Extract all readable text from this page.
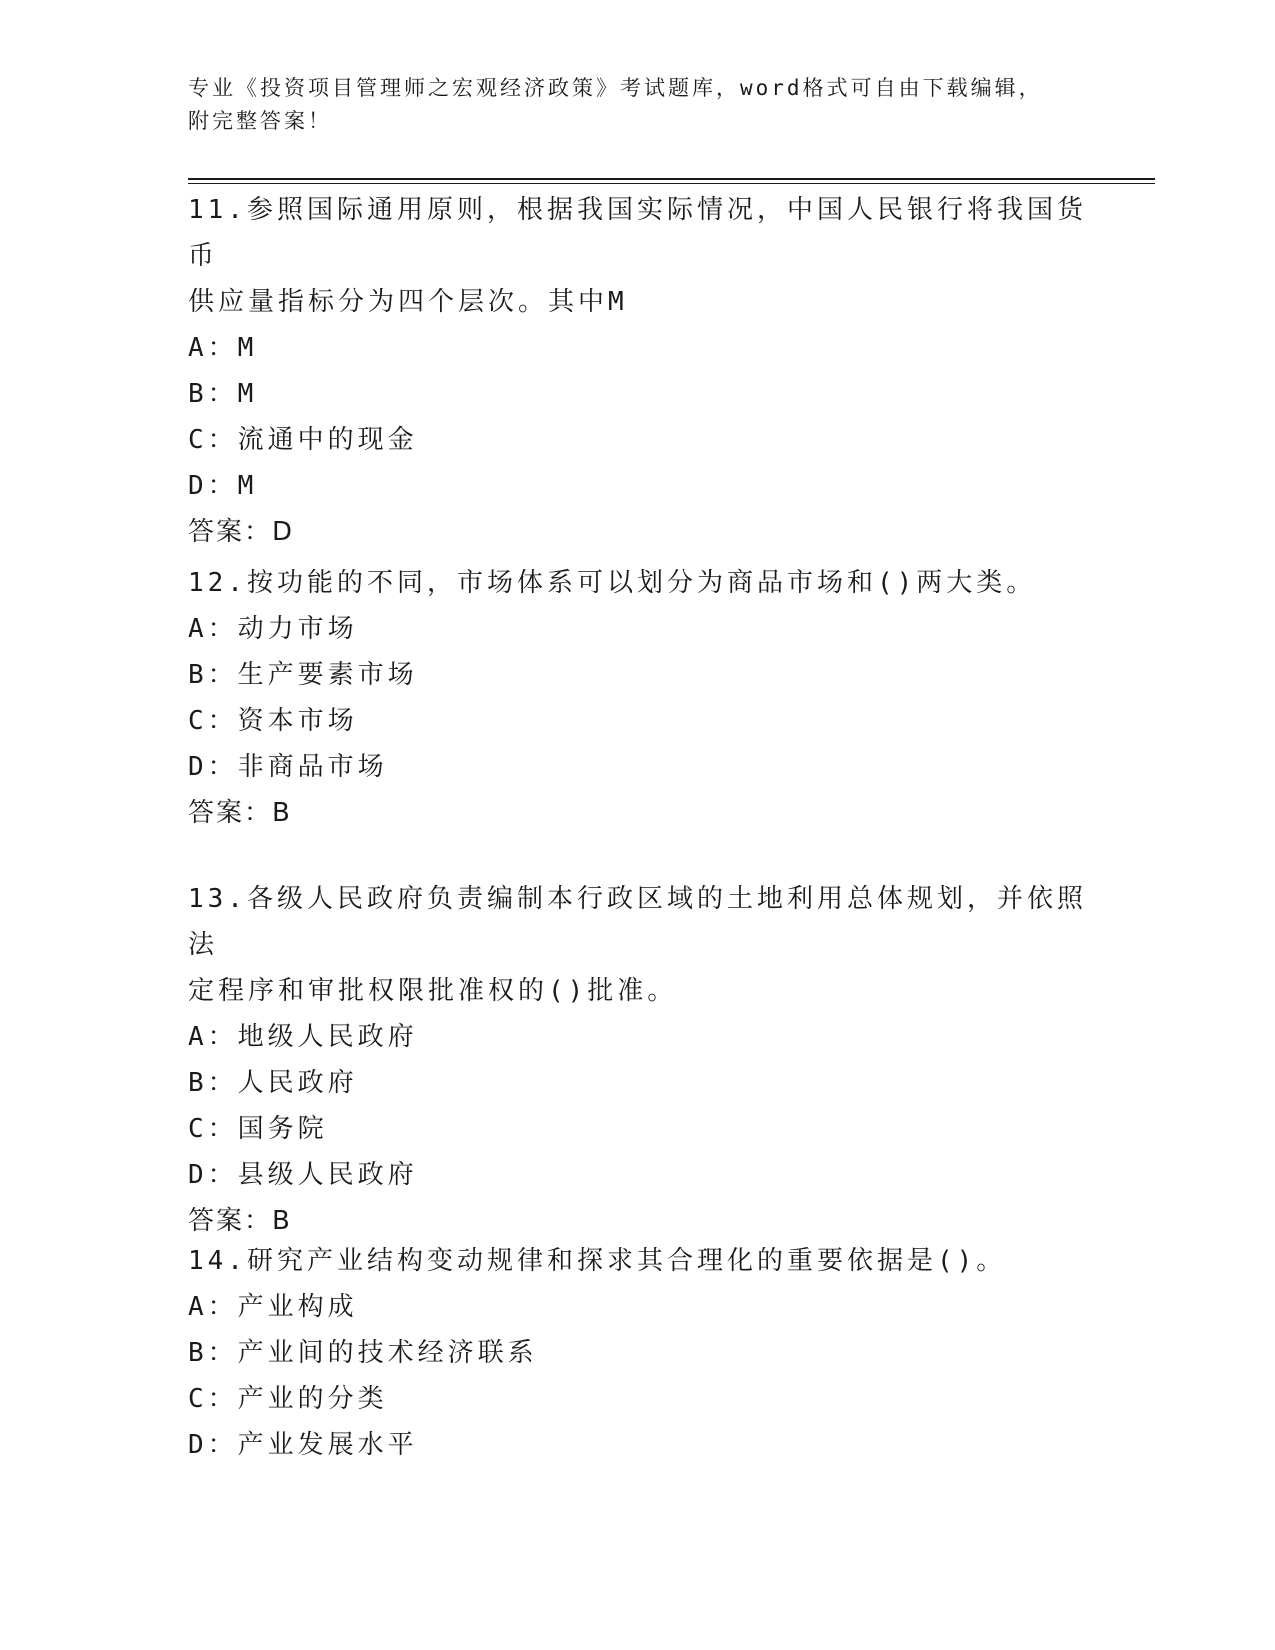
专业《投资项目管理师之宏观经济政策》考试题库，word格式可自由下载编辑，
附完整答案！
11.参照国际通用原则，根据我国实际情况，中国人民银行将我国货币
供应量指标分为四个层次。其中M
A：M
B：M
C：流通中的现金
D：M
答案：D
12.按功能的不同，市场体系可以划分为商品市场和()两大类。
A：动力市场
B：生产要素市场
C：资本市场
D：非商品市场
答案：B
13.各级人民政府负责编制本行政区域的土地利用总体规划，并依照法
定程序和审批权限批准权的()批准。
A：地级人民政府
B：人民政府
C：国务院
D：县级人民政府
答案：B
14.研究产业结构变动规律和探求其合理化的重要依据是()。
A：产业构成
B：产业间的技术经济联系
C：产业的分类
D：产业发展水平
